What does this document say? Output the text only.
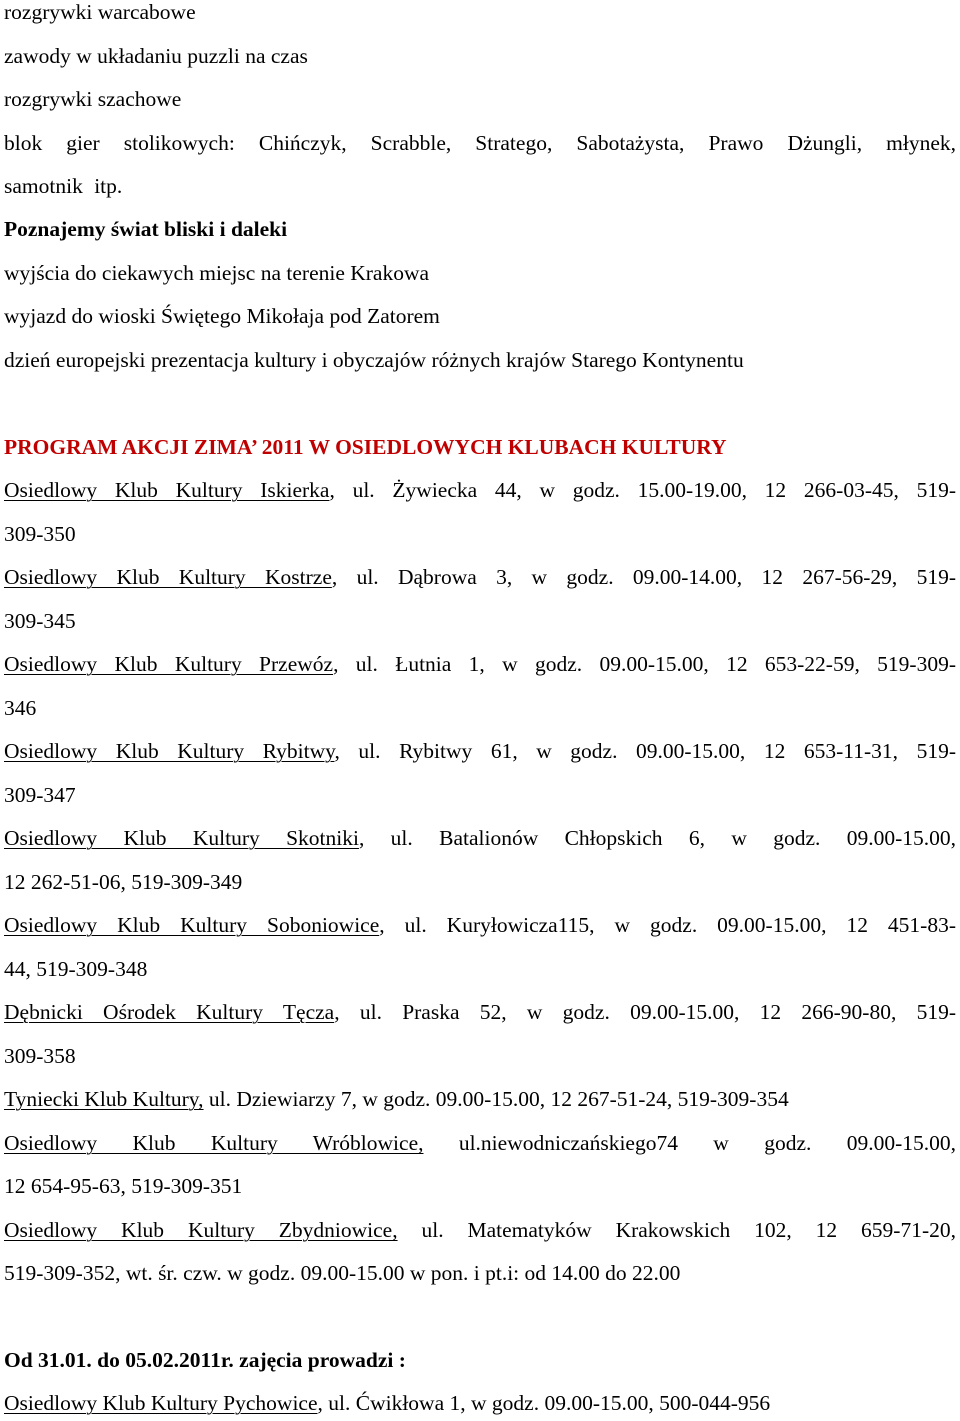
rozgrywki warcabowe
zawody w układaniu puzzli na czas
rozgrywki szachowe
blok gier stolikowych: Chińczyk, Scrabble, Stratego, Sabotażysta, Prawo Dżungli, młynek,
samotnik itp.
Poznajemy świat bliski i daleki
wyjścia do ciekawych miejsc na terenie Krakowa
wyjazd do wioski Świętego Mikołaja pod Zatorem
dzień europejski prezentacja kultury i obyczajów różnych krajów Starego Kontynentu
PROGRAM AKCJI ZIMA’ 2011 W OSIEDLOWYCH KLUBACH KULTURY
Osiedlowy Klub Kultury Iskierka, ul. Żywiecka 44, w godz. 15.00-19.00, 12 266-03-45, 519-
309-350
Osiedlowy Klub Kultury Kostrze, ul. Dąbrowa 3, w godz. 09.00-14.00, 12 267-56-29, 519-
309-345
Osiedlowy Klub Kultury Przewóz, ul. Łutnia 1, w godz. 09.00-15.00, 12 653-22-59, 519-309-
346
Osiedlowy Klub Kultury Rybitwy, ul. Rybitwy 61, w godz. 09.00-15.00, 12 653-11-31, 519-
309-347
Osiedlowy Klub Kultury Skotniki, ul. Batalionów Chłopskich 6, w godz. 09.00-15.00,
12 262-51-06, 519-309-349
Osiedlowy Klub Kultury Soboniowice, ul. Kuryłowicza115, w godz. 09.00-15.00, 12 451-83-
44, 519-309-348
Dębnicki Ośrodek Kultury Tęcza, ul. Praska 52, w godz. 09.00-15.00, 12 266-90-80, 519-
309-358
Tyniecki Klub Kultury, ul. Dziewiarzy 7, w godz. 09.00-15.00, 12 267-51-24, 519-309-354
Osiedlowy Klub Kultury Wróblowice, ul.niewodniczańskiego74 w godz. 09.00-15.00,
12 654-95-63, 519-309-351
Osiedlowy Klub Kultury Zbydniowice, ul. Matematyków Krakowskich 102, 12 659-71-20,
519-309-352, wt. śr. czw. w godz. 09.00-15.00 w pon. i pt.i: od 14.00 do 22.00
Od 31.01. do 05.02.2011r. zajęcia prowadzi :
Osiedlowy Klub Kultury Pychowice, ul. Ćwikłowa 1, w godz. 09.00-15.00, 500-044-956
